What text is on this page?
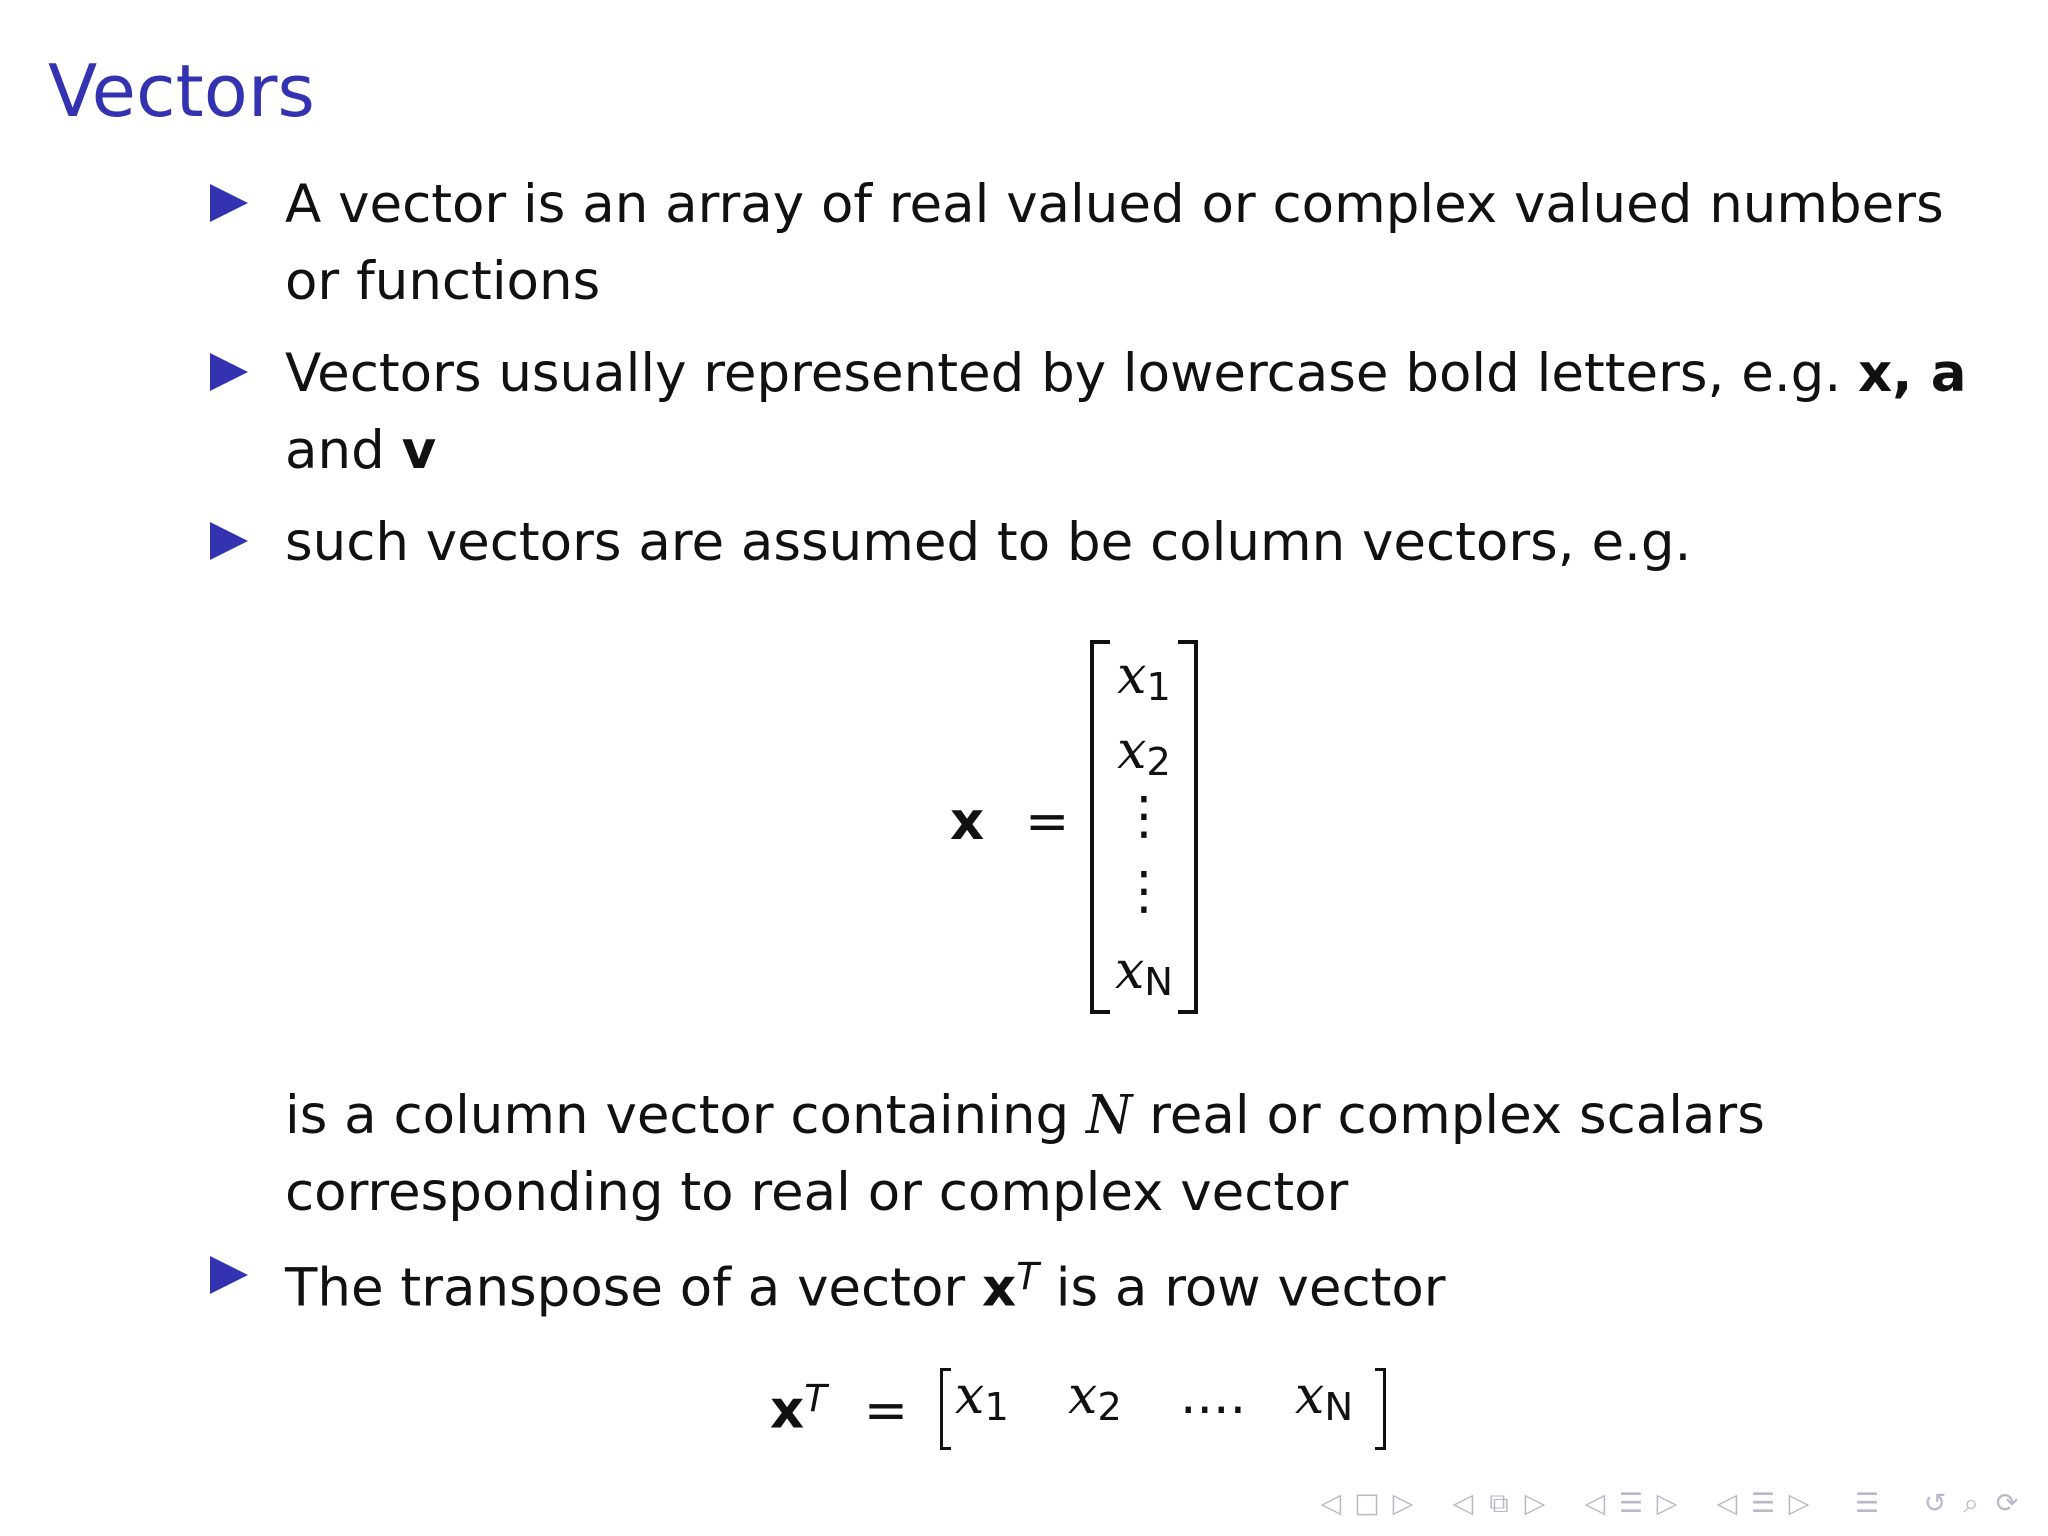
Vectors
A vector is an array of real valued or complex valued numbers
or functions
Vectors usually represented by lowercase bold letters, e.g. x, a
and v
such vectors are assumed to be column vectors, e.g.
x =
x1
x2
⋮
⋮
xN
is a column vector containing N real or complex scalars
corresponding to real or complex vector
The transpose of a vector $x^T$ is a row vector
$x^T = x1$ x2 .... xN
◁ □ ▷ ◁ ⧉ ▷ ◁ ☰ ▷ ◁ ☰ ▷ ☰ ↺ ⌕ ⟳
